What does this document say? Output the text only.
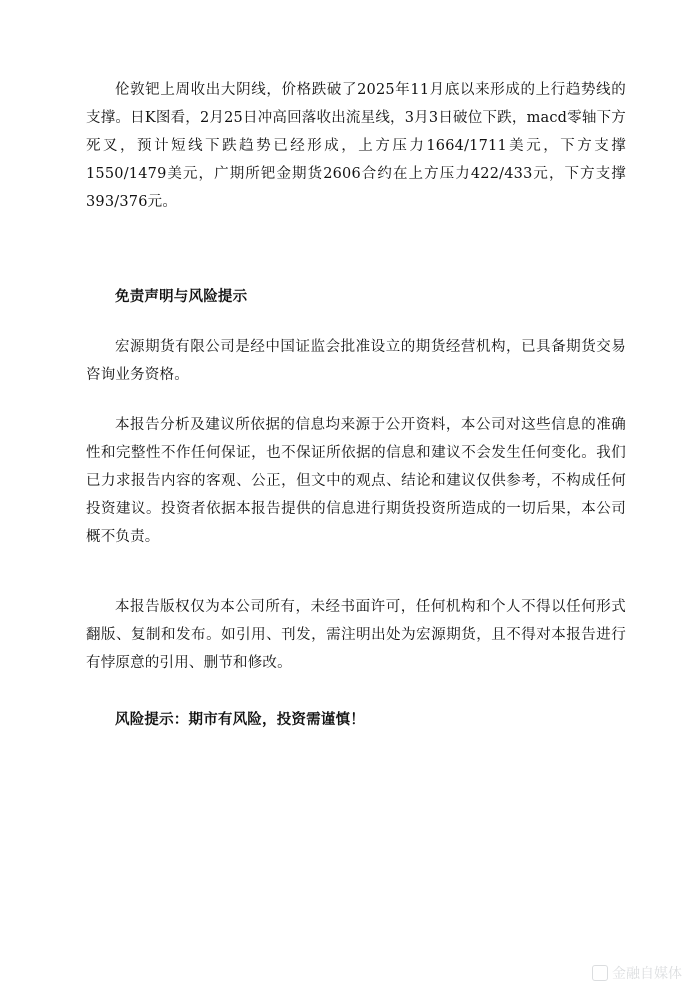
伦敦钯上周收出大阴线，价格跌破了2025年11月底以来形成的上行趋势线的支撑。日K图看，2月25日冲高回落收出流星线，3月3日破位下跌，macd零轴下方死叉，预计短线下跌趋势已经形成，上方压力1664/1711美元，下方支撑1550/1479美元，广期所钯金期货2606合约在上方压力422/433元，下方支撑393/376元。

免责声明与风险提示

宏源期货有限公司是经中国证监会批准设立的期货经营机构，已具备期货交易咨询业务资格。

本报告分析及建议所依据的信息均来源于公开资料，本公司对这些信息的准确性和完整性不作任何保证，也不保证所依据的信息和建议不会发生任何变化。我们已力求报告内容的客观、公正，但文中的观点、结论和建议仅供参考，不构成任何投资建议。投资者依据本报告提供的信息进行期货投资所造成的一切后果，本公司概不负责。

本报告版权仅为本公司所有，未经书面许可，任何机构和个人不得以任何形式翻版、复制和发布。如引用、刊发，需注明出处为宏源期货，且不得对本报告进行有悖原意的引用、删节和修改。

风险提示：期市有风险，投资需谨慎！

金融自媒体
